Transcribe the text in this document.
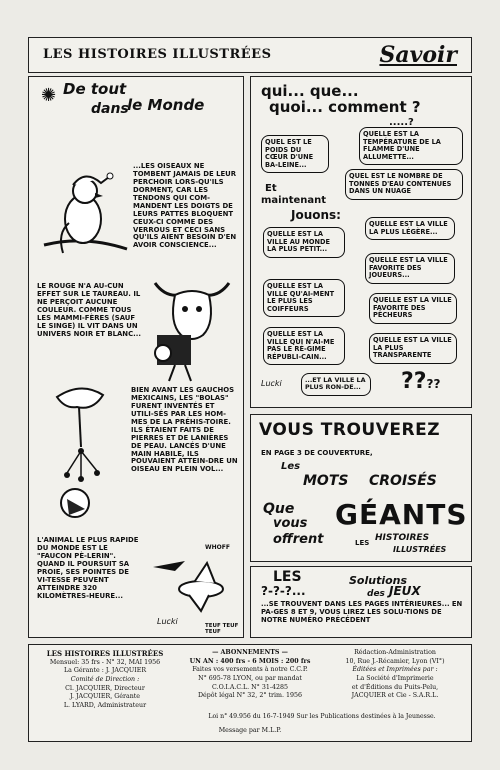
LES HISTOIRES ILLUSTRÉES	Savoir
De tout
dans
le Monde
✺
...LES OISEAUX NE TOMBENT JAMAIS DE LEUR PERCHOIR LORS-QU'ILS DORMENT, CAR LES TENDONS QUI COM-MANDENT LES DOIGTS DE LEURS PATTES BLOQUENT CEUX-CI COMME DES VERROUS ET CECI SANS QU'ILS AIENT BESOIN D'EN AVOIR CONSCIENCE...
LE ROUGE N'A AU-CUN EFFET SUR LE TAUREAU. IL NE PERÇOIT AUCUNE COULEUR. COMME TOUS LES MAMMI-FÈRES (SAUF LE SINGE) IL VIT DANS UN UNIVERS NOIR ET BLANC...
BIEN AVANT LES GAUCHOS MEXICAINS, LES "BOLAS" FURENT INVENTÉS ET UTILI-SÉS PAR LES HOM-MES DE LA PRÉHIS-TOIRE. ILS ÉTAIENT FAITS DE PIERRES ET DE LANIÈRES DE PEAU. LANCÉS D'UNE MAIN HABILE, ILS POUVAIENT ATTEIN-DRE UN OISEAU EN PLEIN VOL...
L'ANIMAL LE PLUS RAPIDE DU MONDE EST LE "FAUCON PÈ-LERIN". QUAND IL POURSUIT SA PROIE, SES POINTES DE VI-TESSE PEUVENT ATTEINDRE 320 KILOMÈTRES-HEURE...
WHOFF
TEUF TEUF TEUF
Lucki
qui... que...
quoi... comment ?
.....?
QUEL EST LE POIDS DU CŒUR D'UNE BA-LEINE...
QUELLE EST LA TEMPÉRATURE DE LA FLAMME D'UNE ALLUMETTE...
QUEL EST LE NOMBRE DE TONNES D'EAU CONTENUES DANS UN NUAGE
Et
maintenant
Jouons:
QUELLE EST LA VILLE AU MONDE LA PLUS PETIT...
QUELLE EST LA VILLE LA PLUS LÉGÈRE...
QUELLE EST LA VILLE FAVORITE DES JOUEURS...
QUELLE EST LA VILLE QU'AI-MENT LE PLUS LES COIFFEURS
QUELLE EST LA VILLE FAVORITE DES PÊCHEURS
QUELLE EST LA VILLE QUI N'AI-ME PAS LE RÉ-GIME RÉPUBLI-CAIN...
QUELLE EST LA VILLE LA PLUS TRANSPARENTE
...ET LA VILLE LA PLUS RON-DE...	????
Lucki
VOUS TROUVEREZ
EN PAGE 3 DE COUVERTURE,
Les
MOTS CROISÉS
Que
vous
offrent
GÉANTS
LES HISTOIRES
ILLUSTRÉES
LES
?-?-?...
Solutions
des JEUX
...SE TROUVENT DANS LES PAGES INTÉRIEURES... EN PA-GES 8 ET 9, VOUS LIREZ LES SOLU-TIONS DE NOTRE NUMÉRO PRÉCÉDENT
LES HISTOIRES ILLUSTRÉES
Mensuel: 35 frs - N° 32, MAI 1956
La Gérante : J. JACQUIER
Comité de Direction :
Cl. JACQUIER, Directeur
J. JACQUIER, Gérante
L. LYARD, Administrateur
— ABONNEMENTS —
UN AN : 400 frs - 6 MOIS : 200 frs
Faites vos versements à notre C.C.P.
N° 695-78 LYON, ou par mandat
C.O.I.A.C.L. N° 31-4285
Dépôt légal N° 32, 2° trim. 1956
Rédaction-Administration
10, Rue J.-Récamier, Lyon (VI°)
Éditées et Imprimées par :
La Société d'Imprimerie
et d'Éditions du Puits-Pelu,
JACQUIER et Cie - S.A.R.L.
Loi n° 49.956 du 16-7-1949 Sur les Publications destinées à la Jeunesse.
Message par M.L.P.
